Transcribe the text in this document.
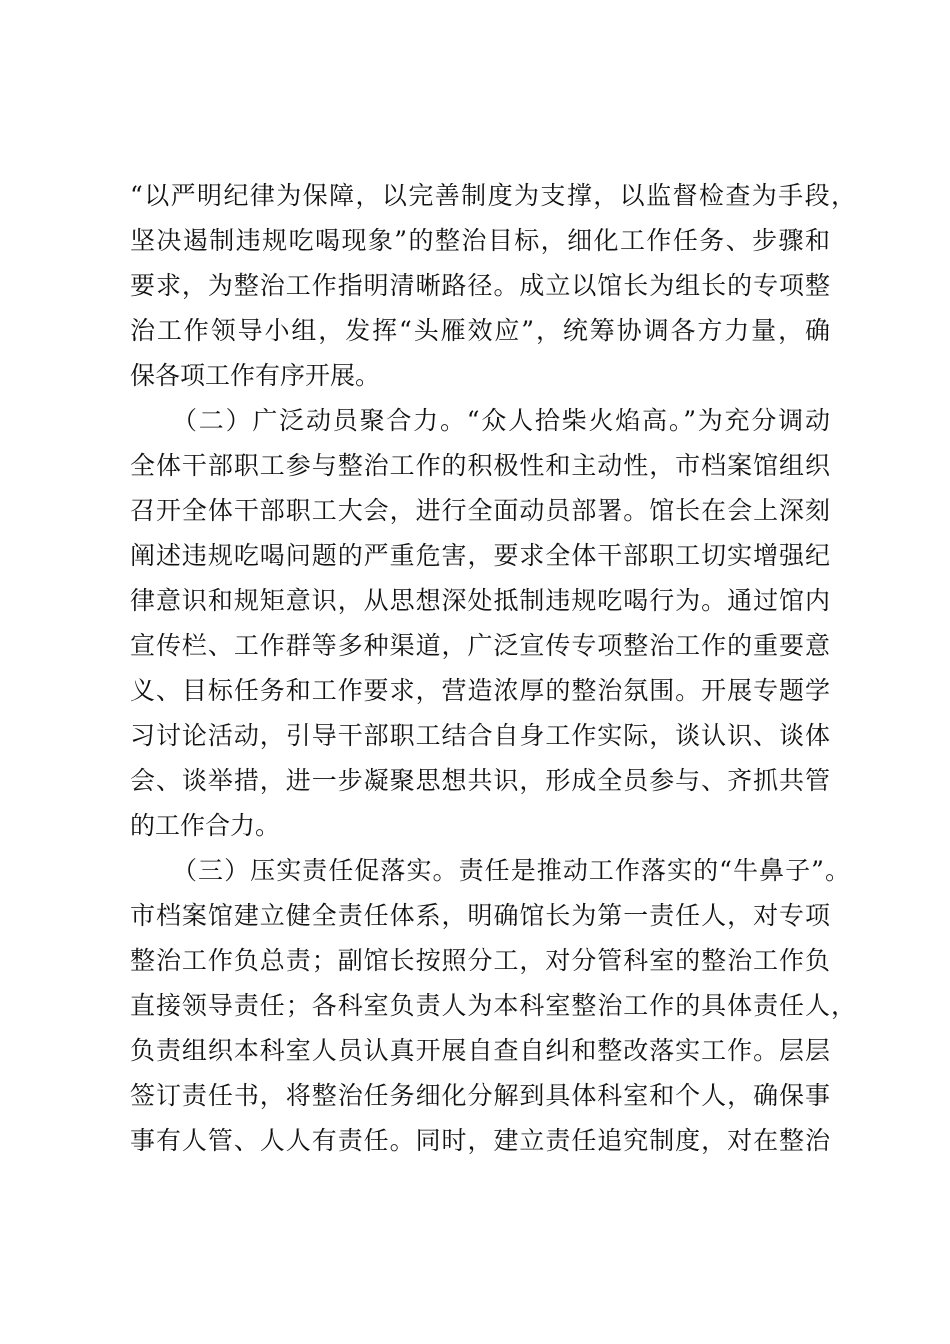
“以严明纪律为保障，以完善制度为支撑，以监督检查为手段，
坚决遏制违规吃喝现象”的整治目标，细化工作任务、步骤和
要求，为整治工作指明清晰路径。成立以馆长为组长的专项整
治工作领导小组，发挥“头雁效应”，统筹协调各方力量，确
保各项工作有序开展。
（二）广泛动员聚合力。“众人拾柴火焰高。”为充分调动
全体干部职工参与整治工作的积极性和主动性，市档案馆组织
召开全体干部职工大会，进行全面动员部署。馆长在会上深刻
阐述违规吃喝问题的严重危害，要求全体干部职工切实增强纪
律意识和规矩意识，从思想深处抵制违规吃喝行为。通过馆内
宣传栏、工作群等多种渠道，广泛宣传专项整治工作的重要意
义、目标任务和工作要求，营造浓厚的整治氛围。开展专题学
习讨论活动，引导干部职工结合自身工作实际，谈认识、谈体
会、谈举措，进一步凝聚思想共识，形成全员参与、齐抓共管
的工作合力。
（三）压实责任促落实。责任是推动工作落实的“牛鼻子”。
市档案馆建立健全责任体系，明确馆长为第一责任人，对专项
整治工作负总责；副馆长按照分工，对分管科室的整治工作负
直接领导责任；各科室负责人为本科室整治工作的具体责任人，
负责组织本科室人员认真开展自查自纠和整改落实工作。层层
签订责任书，将整治任务细化分解到具体科室和个人，确保事
事有人管、人人有责任。同时，建立责任追究制度，对在整治
